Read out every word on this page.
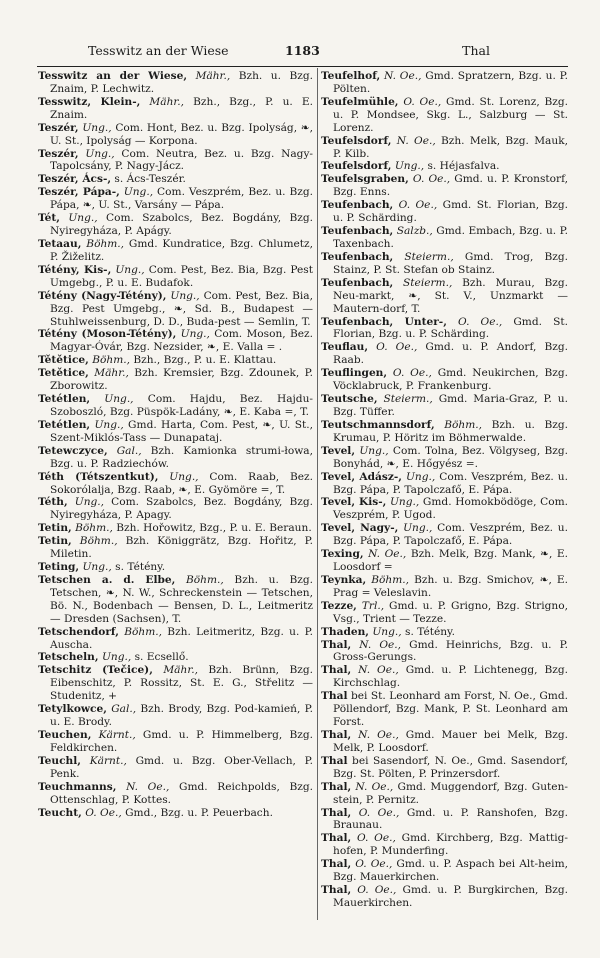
Tesswitz an der Wiese	1183	Thal

Tesswitz an der Wiese, Mähr., Bzh. u. Bzg. Znaim, P. Lechwitz.

Tesswitz, Klein-, Mähr., Bzh., Bzg., P. u. E. Znaim.

Teszér, Ung., Com. Hont, Bez. u. Bzg. Ipolyság, ❧, U. St., Ipolyság — Korpona.

Teszér, Ung., Com. Neutra, Bez. u. Bzg. Nagy-Tapolcsány, P. Nagy-Jácz.

Teszér, Ács-, s. Ács-Teszér.

Teszér, Pápa-, Ung., Com. Veszprém, Bez. u. Bzg. Pápa, ❧, U. St., Varsány — Pápa.

Tét, Ung., Com. Szabolcs, Bez. Bogdány, Bzg. Nyiregyháza, P. Apágy.

Tetaau, Böhm., Gmd. Kundratice, Bzg. Chlumetz, P. Žiželitz.

Tétény, Kis-, Ung., Com. Pest, Bez. Bia, Bzg. Pest Umgebg., P. u. E. Budafok.

Tétény (Nagy-Tétény), Ung., Com. Pest, Bez. Bia, Bzg. Pest Umgebg., ❧, Sd. B., Budapest — Stuhlweissenburg, D. D., Buda-pest — Semlin, T.

Tétény (Moson-Tétény), Ung., Com. Moson, Bez. Magyar-Óvár, Bzg. Nezsider, ❧, E. Valla = .

Tětětice, Böhm., Bzh., Bzg., P. u. E. Klattau.

Tetětice, Mähr., Bzh. Kremsier, Bzg. Zdounek, P. Zborowitz.

Tetétlen, Ung., Com. Hajdu, Bez. Hajdu-Szoboszló, Bzg. Püspök-Ladány, ❧, E. Kaba =, T.

Tetétlen, Ung., Gmd. Harta, Com. Pest, ❧, U. St., Szent-Miklós-Tass — Dunapataj.

Tetewczyce, Gal., Bzh. Kamionka strumi-łowa, Bzg. u. P. Radziechów.

Téth (Tétszentkut), Ung., Com. Raab, Bez. Sokorólalja, Bzg. Raab, ❧, E. Gyömöre =, T.

Téth, Ung., Com. Szabolcs, Bez. Bogdány, Bzg. Nyiregyháza, P. Apagy.

Tetin, Böhm., Bzh. Hořowitz, Bzg., P. u. E. Beraun.

Tetin, Böhm., Bzh. Königgrätz, Bzg. Hořitz, P. Miletin.

Teting, Ung., s. Tétény.

Tetschen a. d. Elbe, Böhm., Bzh. u. Bzg. Tetschen, ❧, N. W., Schreckenstein — Tetschen, Bö. N., Bodenbach — Bensen, D. L., Leitmeritz — Dresden (Sachsen), T.

Tetschendorf, Böhm., Bzh. Leitmeritz, Bzg. u. P. Auscha.

Tetscheln, Ung., s. Ecsellő.

Tetschitz (Tečice), Mähr., Bzh. Brünn, Bzg. Eibenschitz, P. Rossitz, St. E. G., Střelitz — Studenitz, +

Tetylkowce, Gal., Bzh. Brody, Bzg. Pod-kamień, P. u. E. Brody.

Teuchen, Kärnt., Gmd. u. P. Himmelberg, Bzg. Feldkirchen.

Teuchl, Kärnt., Gmd. u. Bzg. Ober-Vellach, P. Penk.

Teuchmanns, N. Oe., Gmd. Reichpolds, Bzg. Ottenschlag, P. Kottes.

Teucht, O. Oe., Gmd., Bzg. u. P. Peuerbach.

Teufelhof, N. Oe., Gmd. Spratzern, Bzg. u. P. Pölten.

Teufelmühle, O. Oe., Gmd. St. Lorenz, Bzg. u. P. Mondsee, Skg. L., Salzburg — St. Lorenz.

Teufelsdorf, N. Oe., Bzh. Melk, Bzg. Mauk, P. Kilb.

Teufelsdorf, Ung., s. Héjasfalva.

Teufelsgraben, O. Oe., Gmd. u. P. Kronstorf, Bzg. Enns.

Teufenbach, O. Oe., Gmd. St. Florian, Bzg. u. P. Schärding.

Teufenbach, Salzb., Gmd. Embach, Bzg. u. P. Taxenbach.

Teufenbach, Steierm., Gmd. Trog, Bzg. Stainz, P. St. Stefan ob Stainz.

Teufenbach, Steierm., Bzh. Murau, Bzg. Neu-markt, ❧, St. V., Unzmarkt — Mautern-dorf, T.

Teufenbach, Unter-, O. Oe., Gmd. St. Florian, Bzg. u. P. Schärding.

Teuflau, O. Oe., Gmd. u. P. Andorf, Bzg. Raab.

Teuflingen, O. Oe., Gmd. Neukirchen, Bzg. Vöcklabruck, P. Frankenburg.

Teutsche, Steierm., Gmd. Maria-Graz, P. u. Bzg. Tüffer.

Teutschmannsdorf, Böhm., Bzh. u. Bzg. Krumau, P. Höritz im Böhmerwalde.

Tevel, Ung., Com. Tolna, Bez. Völgyseg, Bzg. Bonyhád, ❧, E. Hőgyész =.

Tevel, Adász-, Ung., Com. Veszprém, Bez. u. Bzg. Pápa, P. Tapolczafő, E. Pápa.

Tevel, Kis-, Ung., Gmd. Homokbödöge, Com. Veszprém, P. Ugod.

Tevel, Nagy-, Ung., Com. Veszprém, Bez. u. Bzg. Pápa, P. Tapolczafő, E. Pápa.

Texing, N. Oe., Bzh. Melk, Bzg. Mank, ❧, E. Loosdorf =

Teynka, Böhm., Bzh. u. Bzg. Smichov, ❧, E. Prag = Veleslavin.

Tezze, Trl., Gmd. u. P. Grigno, Bzg. Strigno, Vsg., Trient — Tezze.

Thaden, Ung., s. Tétény.

Thal, N. Oe., Gmd. Heinrichs, Bzg. u. P. Gross-Gerungs.

Thal, N. Oe., Gmd. u. P. Lichtenegg, Bzg. Kirchschlag.

Thal bei St. Leonhard am Forst, N. Oe., Gmd. Pöllendorf, Bzg. Mank, P. St. Leonhard am Forst.

Thal, N. Oe., Gmd. Mauer bei Melk, Bzg. Melk, P. Loosdorf.

Thal bei Sasendorf, N. Oe., Gmd. Sasendorf, Bzg. St. Pölten, P. Prinzersdorf.

Thal, N. Oe., Gmd. Muggendorf, Bzg. Guten-stein, P. Pernitz.

Thal, O. Oe., Gmd. u. P. Ranshofen, Bzg. Braunau.

Thal, O. Oe., Gmd. Kirchberg, Bzg. Mattig-hofen, P. Munderfing.

Thal, O. Oe., Gmd. u. P. Aspach bei Alt-heim, Bzg. Mauerkirchen.

Thal, O. Oe., Gmd. u. P. Burgkirchen, Bzg. Mauerkirchen.
